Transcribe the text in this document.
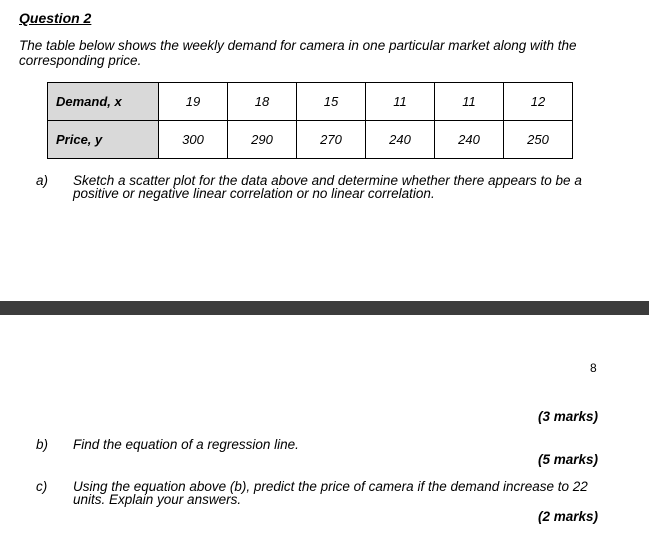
Question 2
The table below shows the weekly demand for camera in one particular market along with the corresponding price.
Demand, x	19	18	15	11	11	12
Price, y	300	290	270	240	240	250
a) Sketch a scatter plot for the data above and determine whether there appears to be a positive or negative linear correlation or no linear correlation.
8
(3 marks)
b) Find the equation of a regression line.
(5 marks)
c) Using the equation above (b), predict the price of camera if the demand increase to 22 units. Explain your answers.
(2 marks)
